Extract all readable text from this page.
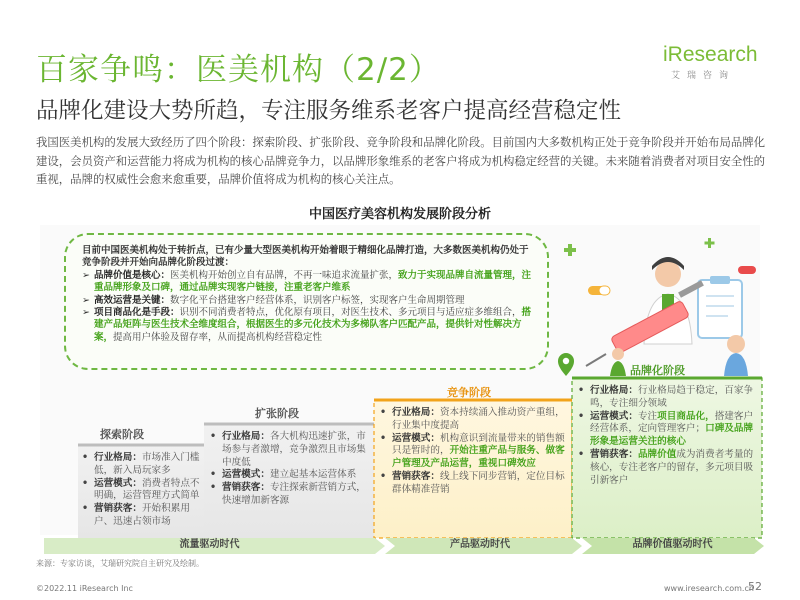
百家争鸣：医美机构（2/2）	iResearch
艾瑞咨询
品牌化建设大势所趋，专注服务维系老客户提高经营稳定性
我国医美机构的发展大致经历了四个阶段：探索阶段、扩张阶段、竞争阶段和品牌化阶段。目前国内大多数机构正处于竞争阶段并开始布局品牌化建设，会员资产和运营能力将成为机构的核心品牌竞争力，以品牌形象维系的老客户将成为机构稳定经营的关键。未来随着消费者对项目安全性的重视，品牌的权威性会愈来愈重要，品牌价值将成为机构的核心关注点。
中国医疗美容机构发展阶段分析
目前中国医美机构处于转折点，已有少量大型医美机构开始着眼于精细化品牌打造，大多数医美机构仍处于竞争阶段并开始向品牌化阶段过渡：
➢ 品牌价值是核心：医美机构开始创立自有品牌，不再一味追求流量扩张，致力于实现品牌自流量管理，注重品牌形象及口碑，通过品牌实现客户链接，注重老客户维系
➢ 高效运营是关键：数字化平台搭建客户经营体系，识别客户标签，实现客户生命周期管理
➢ 项目商品化是手段：识别不同消费者特点，优化原有项目，对医生技术、多元项目与适应症多维组合，搭建产品矩阵与医生技术全维度组合，根据医生的多元化技术为多梯队客户匹配产品，提供针对性解决方案，提高用户体验及留存率，从而提高机构经营稳定性
探索阶段
扩张阶段
竞争阶段
品牌化阶段
• 行业格局：市场准入门槛低，新入局玩家多
• 运营模式：消费者特点不明确，运营管理方式简单
• 营销获客：开始积累用户、迅速占领市场
• 行业格局：各大机构迅速扩张，市场参与者激增，竞争激烈且市场集中度低
• 运营模式：建立起基本运营体系
• 营销获客：专注探索新营销方式，快速增加新客源
• 行业格局：资本持续涌入推动资产重组，行业集中度提高
• 运营模式：机构意识到流量带来的销售额只是暂时的，开始注重产品与服务、做客户管理及产品运营，重视口碑效应
• 营销获客：线上线下同步营销，定位目标群体精准营销
• 行业格局：行业格局趋于稳定，百家争鸣，专注细分领域
• 运营模式：专注项目商品化，搭建客户经营体系，定向管理客户；口碑及品牌形象是运营关注的核心
• 营销获客：品牌价值成为消费者考量的核心，专注老客户的留存，多元项目吸引新客户
流量驱动时代	产品驱动时代	品牌价值驱动时代
来源：专家访谈，艾瑞研究院自主研究及绘制。
©2022.11 iResearch Inc	www.iresearch.com.cn
52
